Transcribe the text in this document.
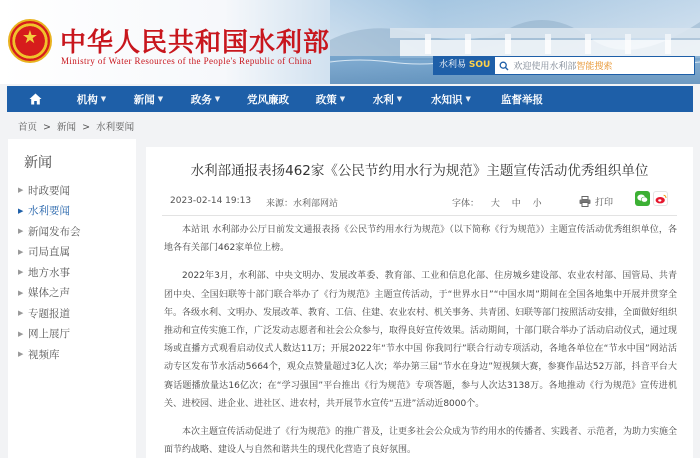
★ 中华人民共和国水利部
Ministry of Water Resources of the People's Republic of China	水利易 SOU	欢迎使用水利部智能搜索
机构 ▼	新闻 ▼	政务 ▼	党风廉政	政策 ▼	水利 ▼	水知识 ▼	监督举报
首页 > 新闻 > 水利要闻
新闻
▶ 时政要闻
▶ 水利要闻
▶ 新闻发布会
▶ 司局直属
▶ 地方水事
▶ 媒体之声
▶ 专题报道
▶ 网上展厅
▶ 视频库
水利部通报表扬462家《公民节约用水行为规范》主题宣传活动优秀组织单位
2023-02-14 19:13 来源：水利部网站	字体： 大 中 小	打印

本站讯 水利部办公厅日前发文通报表扬《公民节约用水行为规范》（以下简称《行为规范》）主题宣传活动优秀组织单位，各地各有关部门462家单位上榜。

2022年3月，水利部、中央文明办、发展改革委、教育部、工业和信息化部、住房城乡建设部、农业农村部、国管局、共青团中央、全国妇联等十部门联合举办了《行为规范》主题宣传活动，于“世界水日”“中国水周”期间在全国各地集中开展并贯穿全年。各级水利、文明办、发展改革、教育、工信、住建、农业农村、机关事务、共青团、妇联等部门按照活动安排，全面做好组织推动和宣传实施工作，广泛发动志愿者和社会公众参与，取得良好宣传效果。活动期间，十部门联合举办了活动启动仪式，通过现场或直播方式观看启动仪式人数达11万；开展2022年“节水中国 你我同行”联合行动专项活动，各地各单位在“节水中国”网站活动专区发布节水活动5664个，观众点赞量超过3亿人次；举办第三届“节水在身边”短视频大赛，参赛作品达52万部，抖音平台大赛话题播放量达16亿次；在“学习强国”平台推出《行为规范》专项答题，参与人次达3138万。各地推动《行为规范》宣传进机关、进校园、进企业、进社区、进农村，共开展节水宣传“五进”活动近8000个。

本次主题宣传活动促进了《行为规范》的推广普及，让更多社会公众成为节约用水的传播者、实践者、示范者，为助力实施全面节约战略、建设人与自然和谐共生的现代化营造了良好氛围。
